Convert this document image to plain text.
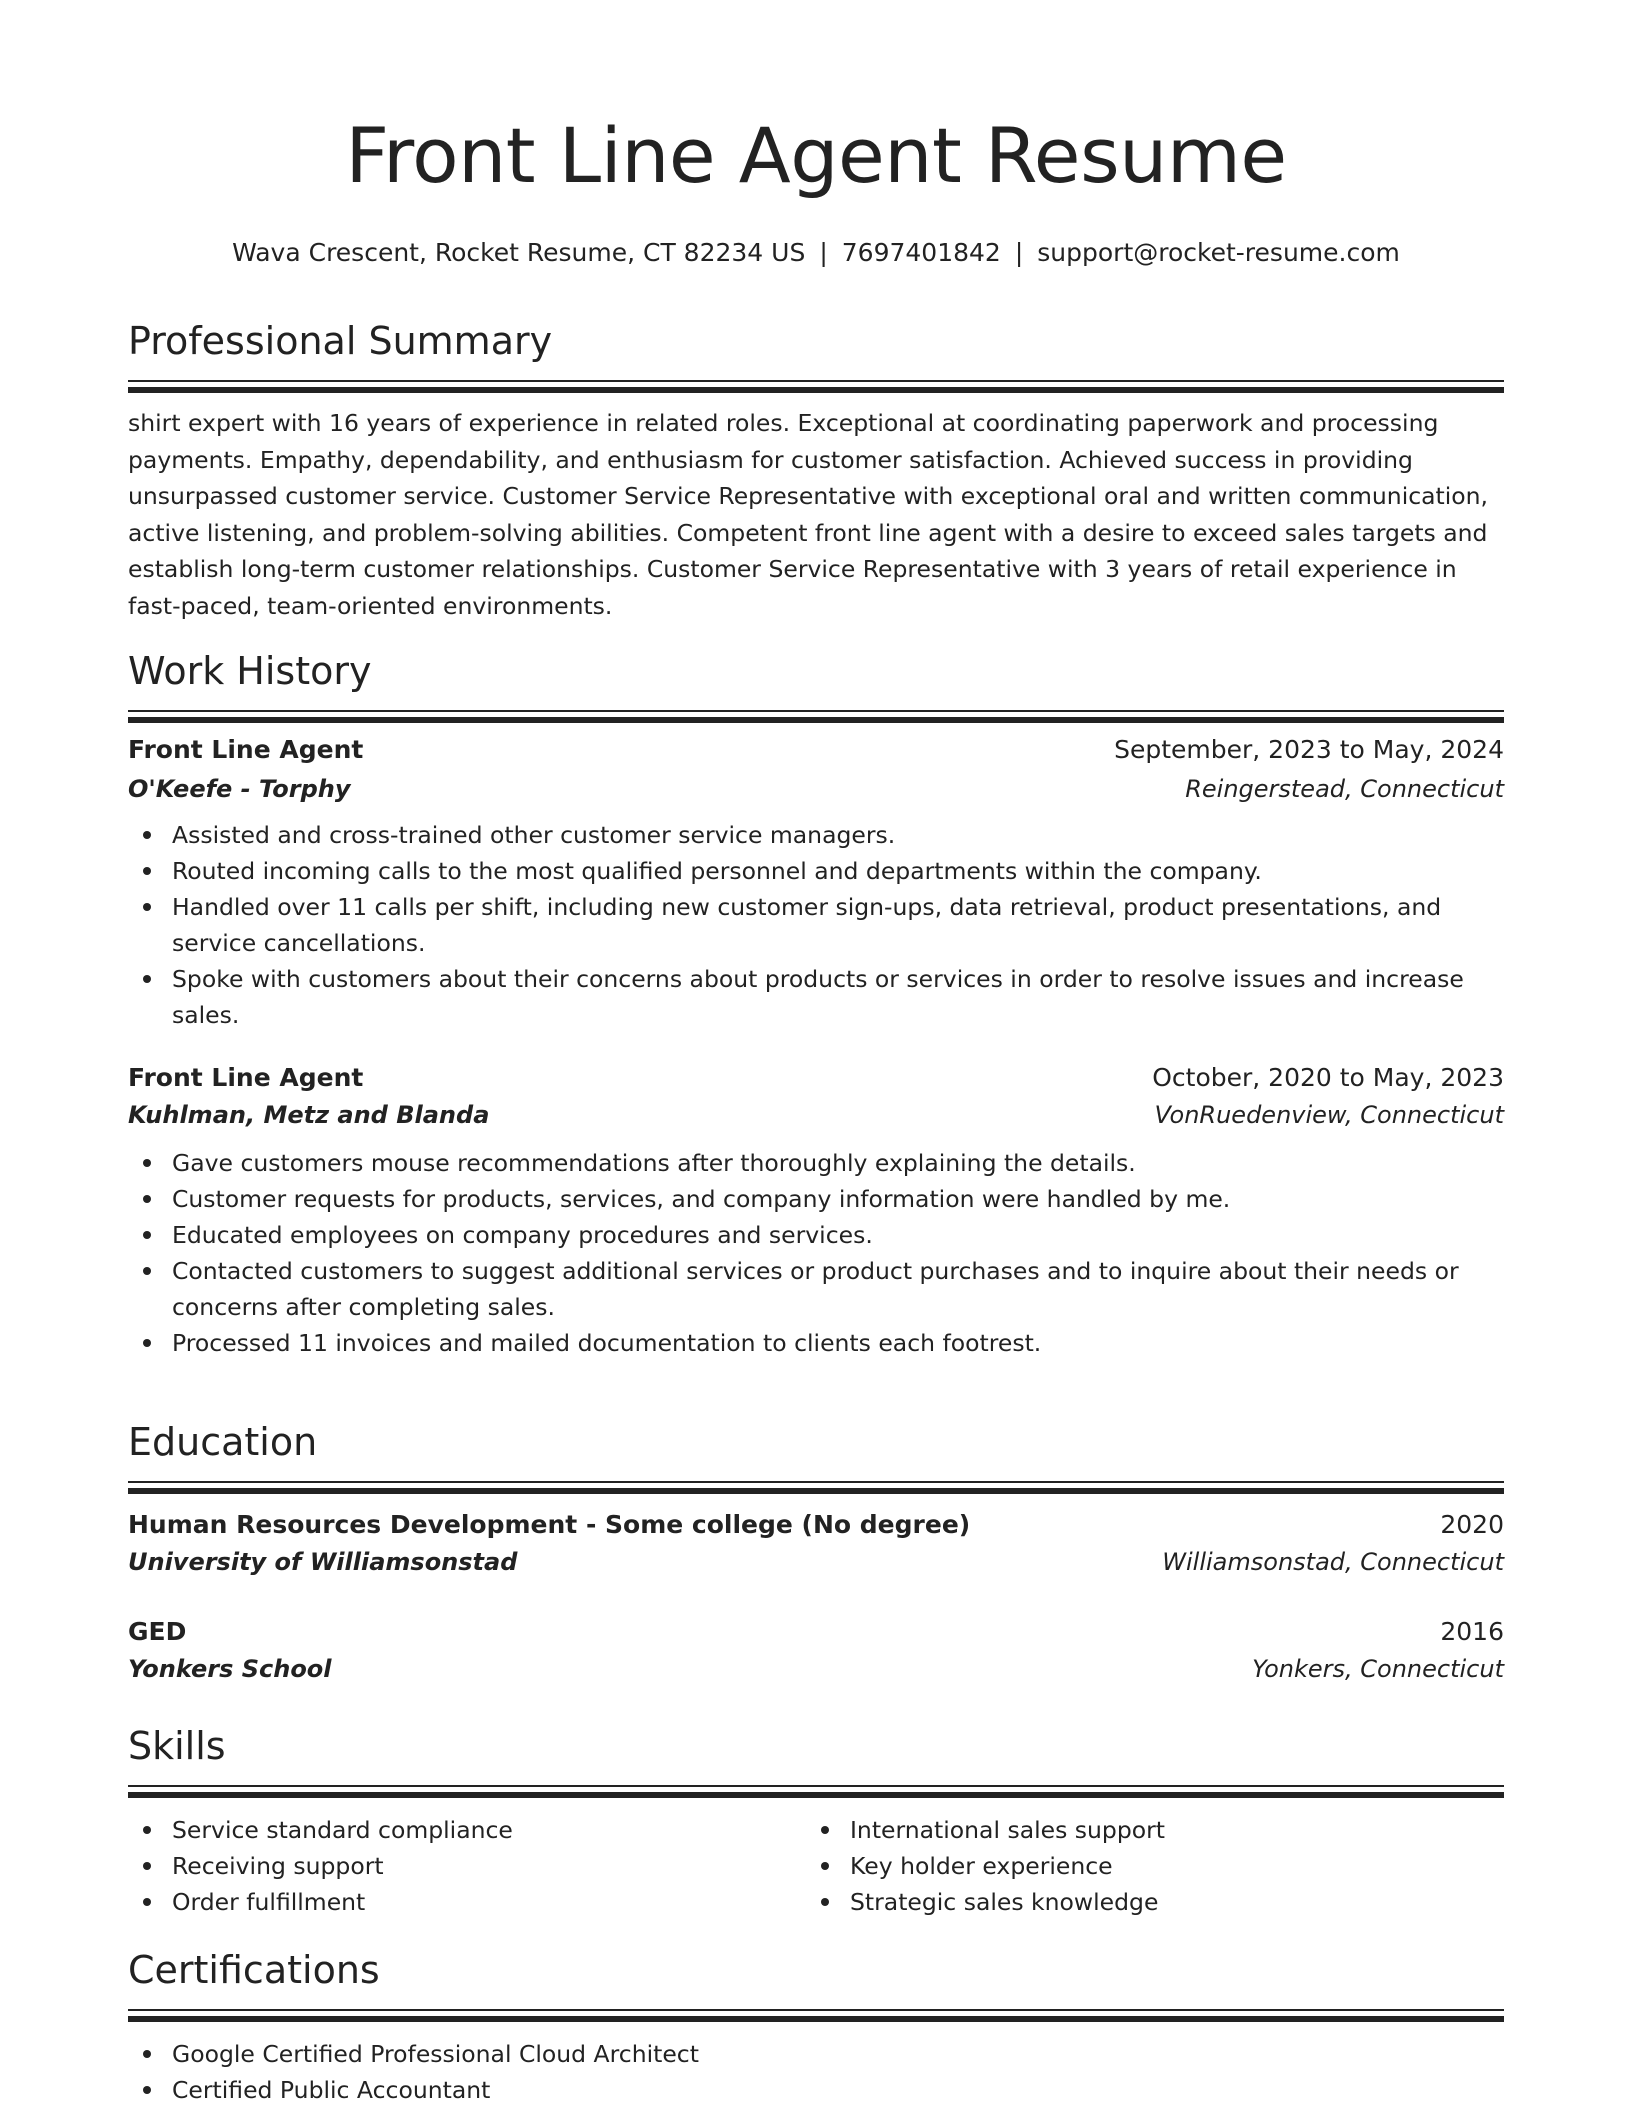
Front Line Agent Resume
Wava Crescent, Rocket Resume, CT 82234 US | 7697401842 | support@rocket-resume.com
Professional Summary

shirt expert with 16 years of experience in related roles. Exceptional at coordinating paperwork and processing payments. Empathy, dependability, and enthusiasm for customer satisfaction. Achieved success in providing unsurpassed customer service. Customer Service Representative with exceptional oral and written communication, active listening, and problem-solving abilities. Competent front line agent with a desire to exceed sales targets and establish long-term customer relationships. Customer Service Representative with 3 years of retail experience in fast-paced, team-oriented environments.

Work History
Front Line Agent	September, 2023 to May, 2024
O'Keefe - Torphy	Reingerstead, Connecticut
Assisted and cross-trained other customer service managers.
Routed incoming calls to the most qualified personnel and departments within the company.
Handled over 11 calls per shift, including new customer sign-ups, data retrieval, product presentations, and service cancellations.
Spoke with customers about their concerns about products or services in order to resolve issues and increase sales.
Front Line Agent	October, 2020 to May, 2023
Kuhlman, Metz and Blanda	VonRuedenview, Connecticut
Gave customers mouse recommendations after thoroughly explaining the details.
Customer requests for products, services, and company information were handled by me.
Educated employees on company procedures and services.
Contacted customers to suggest additional services or product purchases and to inquire about their needs or concerns after completing sales.
Processed 11 invoices and mailed documentation to clients each footrest.
Education
Human Resources Development - Some college (No degree)	2020
University of Williamsonstad	Williamsonstad, Connecticut
GED	2016
Yonkers School	Yonkers, Connecticut
Skills
Service standard compliance
Receiving support
Order fulfillment
International sales support
Key holder experience
Strategic sales knowledge
Certifications
Google Certified Professional Cloud Architect
Certified Public Accountant
